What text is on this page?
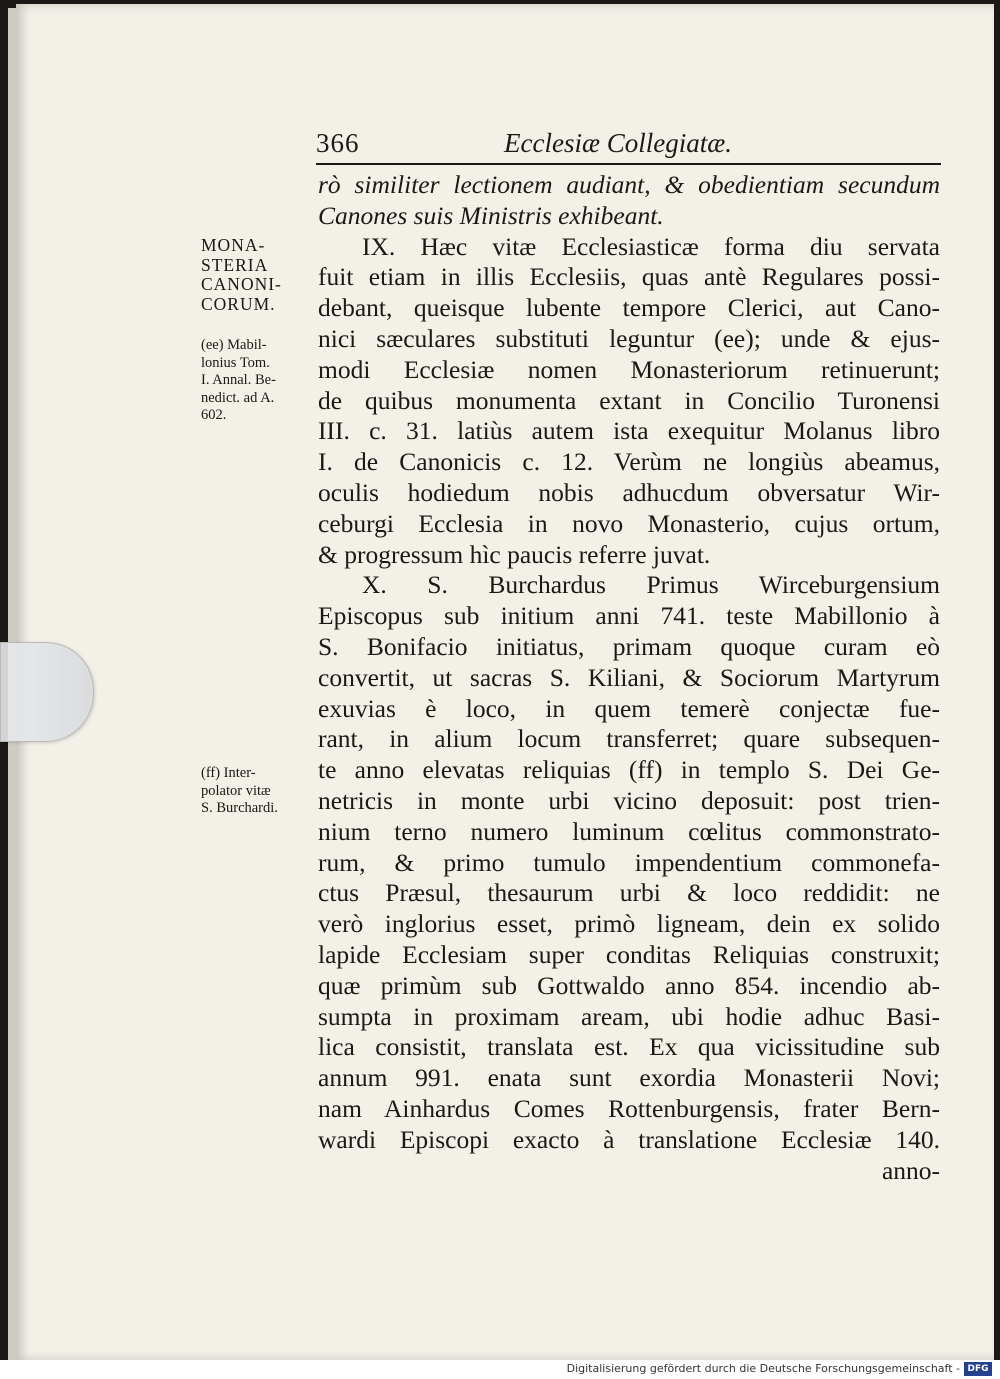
366	Ecclesiæ Collegiatæ.
MONA-
STERIA
CANONI-
CORUM.
(ee) Mabil-
lonius Tom.
I. Annal. Be-
nedict. ad A.
602.
(ff) Inter-
polator vitæ
S. Burchardi.
rò similiter lectionem audiant, & obedientiam secundum
Canones suis Ministris exhibeant.
IX. Hæc vitæ Ecclesiasticæ forma diu servata
fuit etiam in illis Ecclesiis, quas antè Regulares possi-
debant, queisque lubente tempore Clerici, aut Cano-
nici sæculares substituti leguntur (ee); unde & ejus-
modi Ecclesiæ nomen Monasteriorum retinuerunt;
de quibus monumenta extant in Concilio Turonensi
III. c. 31. latiùs autem ista exequitur Molanus libro
I. de Canonicis c. 12. Verùm ne longiùs abeamus,
oculis hodiedum nobis adhucdum obversatur Wir-
ceburgi Ecclesia in novo Monasterio, cujus ortum,
& progressum hìc paucis referre juvat.
X. S. Burchardus Primus Wirceburgensium
Episcopus sub initium anni 741. teste Mabillonio à
S. Bonifacio initiatus, primam quoque curam eò
convertit, ut sacras S. Kiliani, & Sociorum Martyrum
exuvias è loco, in quem temerè conjectæ fue-
rant, in alium locum transferret; quare subsequen-
te anno elevatas reliquias (ff) in templo S. Dei Ge-
netricis in monte urbi vicino deposuit: post trien-
nium terno numero luminum cœlitus commonstrato-
rum, & primo tumulo impendentium commonefa-
ctus Præsul, thesaurum urbi & loco reddidit: ne
verò inglorius esset, primò ligneam, dein ex solido
lapide Ecclesiam super conditas Reliquias construxit;
quæ primùm sub Gottwaldo anno 854. incendio ab-
sumpta in proximam aream, ubi hodie adhuc Basi-
lica consistit, translata est. Ex qua vicissitudine sub
annum 991. enata sunt exordia Monasterii Novi;
nam Ainhardus Comes Rottenburgensis, frater Bern-
wardi Episcopi exacto à translatione Ecclesiæ 140.
anno-
Digitalisierung gefördert durch die Deutsche Forschungsgemeinschaft - DFG
